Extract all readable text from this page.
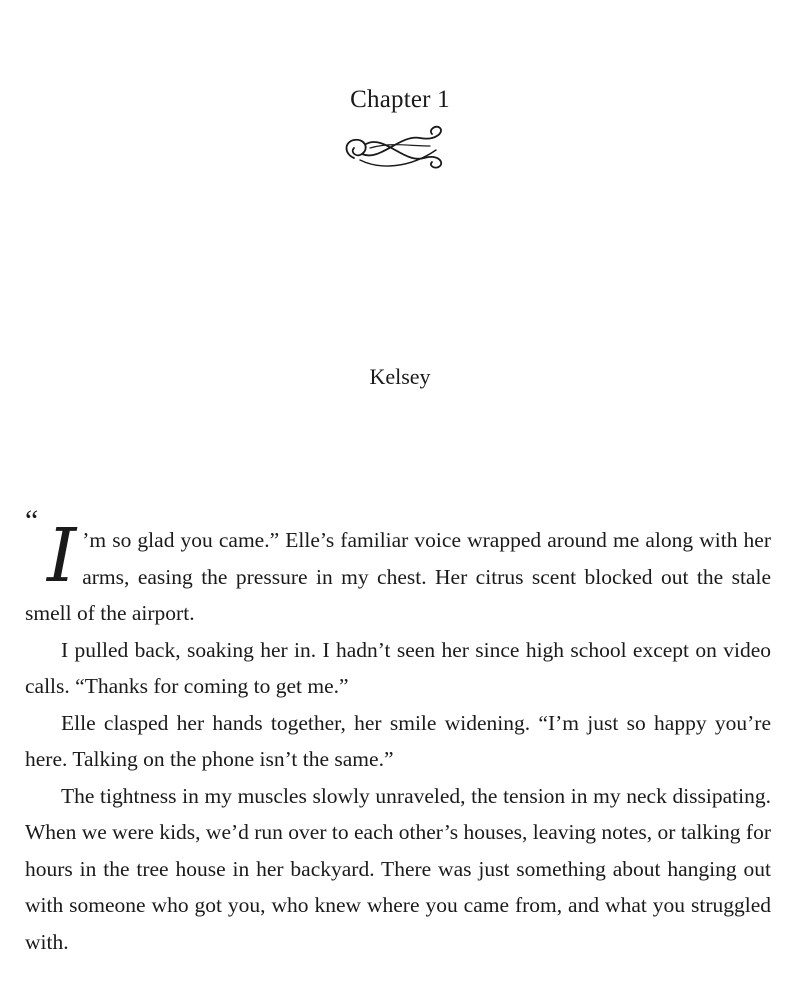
Chapter 1
Kelsey
“ I ’m so glad you came.” Elle’s familiar voice wrapped around me along with her arms, easing the pressure in my chest. Her citrus scent blocked out the stale smell of the airport.

I pulled back, soaking her in. I hadn’t seen her since high school except on video calls. “Thanks for coming to get me.”

Elle clasped her hands together, her smile widening. “I’m just so happy you’re here. Talking on the phone isn’t the same.”

The tightness in my muscles slowly unraveled, the tension in my neck dissipating. When we were kids, we’d run over to each other’s houses, leaving notes, or talking for hours in the tree house in her backyard. There was just something about hanging out with someone who got you, who knew where you came from, and what you struggled with.
